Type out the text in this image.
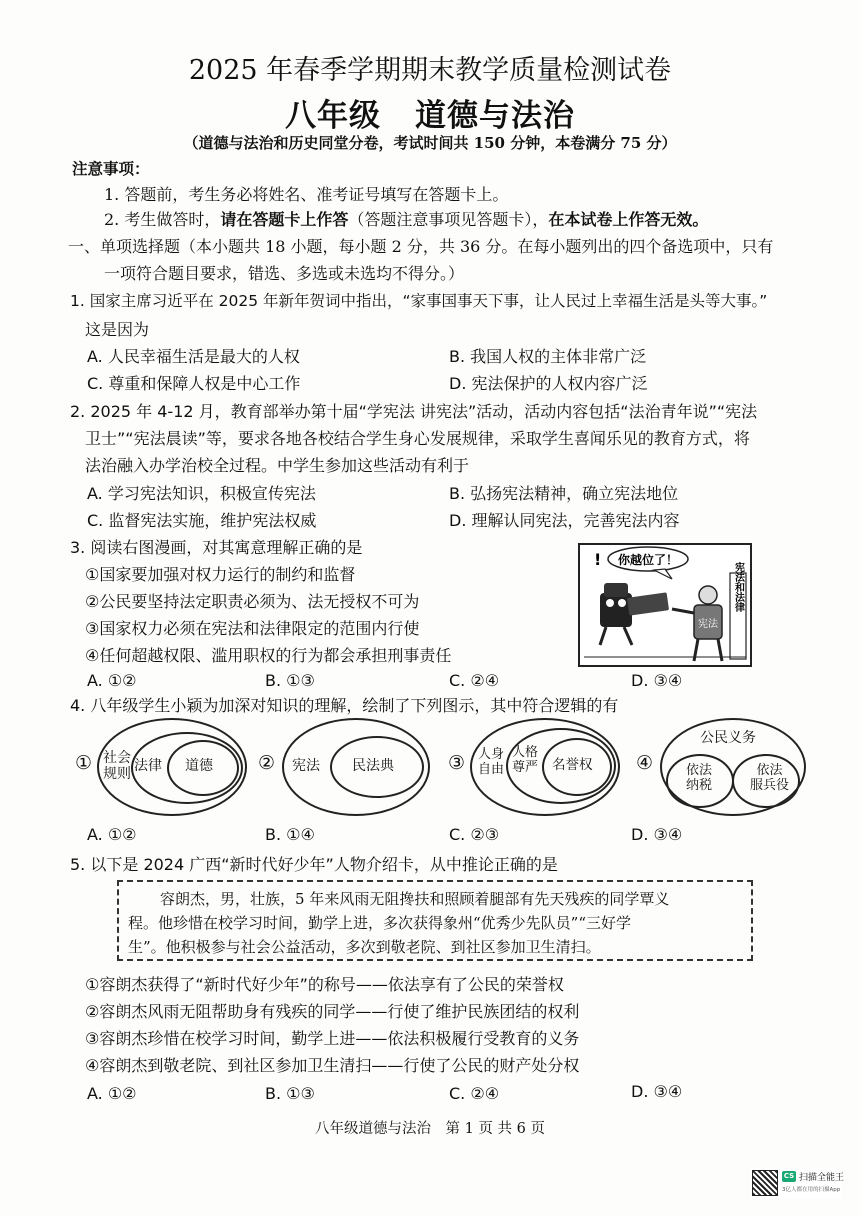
2025 年春季学期期末教学质量检测试卷
八年级 道德与法治
（道德与法治和历史同堂分卷，考试时间共 150 分钟，本卷满分 75 分）
注意事项：
1. 答题前，考生务必将姓名、准考证号填写在答题卡上。
2. 考生做答时，请在答题卡上作答（答题注意事项见答题卡），在本试卷上作答无效。
一、单项选择题（本小题共 18 小题，每小题 2 分，共 36 分。在每小题列出的四个备选项中，只有
一项符合题目要求，错选、多选或未选均不得分。）
1. 国家主席习近平在 2025 年新年贺词中指出，“家事国事天下事，让人民过上幸福生活是头等大事。”
这是因为
A. 人民幸福生活是最大的人权	B. 我国人权的主体非常广泛
C. 尊重和保障人权是中心工作	D. 宪法保护的人权内容广泛
2. 2025 年 4-12 月，教育部举办第十届“学宪法 讲宪法”活动，活动内容包括“法治青年说”“宪法
卫士”“宪法晨读”等，要求各地各校结合学生身心发展规律，采取学生喜闻乐见的教育方式，将
法治融入办学治校全过程。中学生参加这些活动有利于
A. 学习宪法知识，积极宣传宪法	B. 弘扬宪法精神，确立宪法地位
C. 监督宪法实施，维护宪法权威	D. 理解认同宪法，完善宪法内容
3. 阅读右图漫画，对其寓意理解正确的是
①国家要加强对权力运行的制约和监督
②公民要坚持法定职责必须为、法无授权不可为
③国家权力必须在宪法和法律限定的范围内行使
④任何超越权限、滥用职权的行为都会承担刑事责任
A. ①②	B. ①③	C. ②④	D. ③④
你越位了！
!
宪法
宪法和法律
4. 八年级学生小颖为加深对知识的理解，绘制了下列图示，其中符合逻辑的有
① 社会
规则
法律 道德 ② 宪法 民法典	③ 人身
自由
人格
尊严 名誉权 ④
公民义务
依法
纳税
依法
服兵役
A. ①②	B. ①④	C. ②③	D. ③④
5. 以下是 2024 广西“新时代好少年”人物介绍卡，从中推论正确的是
容朗杰，男，壮族，5 年来风雨无阻搀扶和照顾着腿部有先天残疾的同学覃义
程。他珍惜在校学习时间，勤学上进，多次获得象州“优秀少先队员”“三好学
生”。他积极参与社会公益活动，多次到敬老院、到社区参加卫生清扫。
①容朗杰获得了“新时代好少年”的称号——依法享有了公民的荣誉权
②容朗杰风雨无阻帮助身有残疾的同学——行使了维护民族团结的权利
③容朗杰珍惜在校学习时间，勤学上进——依法积极履行受教育的义务
④容朗杰到敬老院、到社区参加卫生清扫——行使了公民的财产处分权
A. ①②	B. ①③	C. ②④	D. ③④
八年级道德与法治　第 1 页 共 6 页
CS 扫描全能王
3亿人都在用的扫描App
